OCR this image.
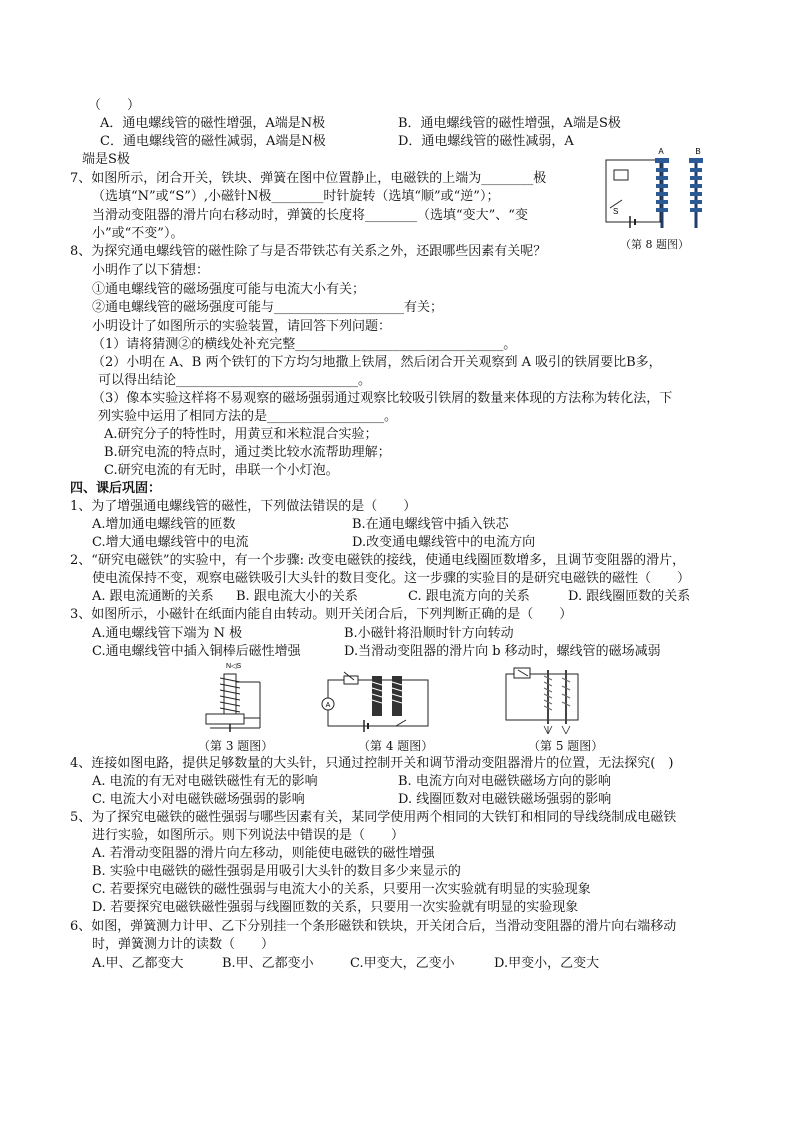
（　　）
A．通电螺线管的磁性增强，A端是N极	B．通电螺线管的磁性增强，A端是S极
C．通电螺线管的磁性减弱，A端是N极	D．通电螺线管的磁性减弱，A
端是S极
7、如图所示，闭合开关，铁块、弹簧在图中位置静止，电磁铁的上端为________极
（选填“N”或“S”）,小磁针N极________时针旋转（选填“顺”或“逆”）；
当滑动变阻器的滑片向右移动时，弹簧的长度将________（选填“变大”、“变
小”或“不变”）。
A	B
S
（第 8 题图）
8、为探究通电螺线管的磁性除了与是否带铁芯有关系之外，还跟哪些因素有关呢？
小明作了以下猜想：
①通电螺线管的磁场强度可能与电流大小有关；
②通电螺线管的磁场强度可能与____________________有关；
小明设计了如图所示的实验装置，请回答下列问题：
（1）请将猜测②的横线处补充完整________________________________。
（2）小明在 A、B 两个铁钉的下方均匀地撒上铁屑，然后闭合开关观察到 A 吸引的铁屑要比B多，
可以得出结论____________________________。
（3）像本实验这样将不易观察的磁场强弱通过观察比较吸引铁屑的数量来体现的方法称为转化法，下
列实验中运用了相同方法的是__________________。
A.研究分子的特性时，用黄豆和米粒混合实验；
B.研究电流的特点时，通过类比较水流帮助理解；
C.研究电流的有无时，串联一个小灯泡。
四、课后巩固：
1、为了增强通电螺线管的磁性，下列做法错误的是（　　）
A.增加通电螺线管的匝数	B.在通电螺线管中插入铁芯
C.增大通电螺线管中的电流	D.改变通电螺线管中的电流方向
2、“研究电磁铁”的实验中，有一个步骤: 改变电磁铁的接线，使通电线圈匝数增多，且调节变阻器的滑片，
使电流保持不变，观察电磁铁吸引大头针的数目变化。这一步骤的实验目的是研究电磁铁的磁性（　　）
A. 跟电流通断的关系 B. 跟电流大小的关系	C. 跟电流方向的关系	D. 跟线圈匝数的关系
3、如图所示，小磁针在纸面内能自由转动。则开关闭合后，下列判断正确的是（　　）
A.通电螺线管下端为 N 极	B.小磁针将沿顺时针方向转动
C.通电螺线管中插入铜棒后磁性增强	D.当滑动变阻器的滑片向 b 移动时，螺线管的磁场减弱
N◁S
（第 3 题图）
A
（第 4 题图）	（第 5 题图）
4、连接如图电路，提供足够数量的大头针，只通过控制开关和调节滑动变阻器滑片的位置，无法探究(　)
A. 电流的有无对电磁铁磁性有无的影响	B. 电流方向对电磁铁磁场方向的影响
C. 电流大小对电磁铁磁场强弱的影响	D. 线圈匝数对电磁铁磁场强弱的影响
5、为了探究电磁铁的磁性强弱与哪些因素有关，某同学使用两个相同的大铁钉和相同的导线绕制成电磁铁
进行实验，如图所示。则下列说法中错误的是（　　）
A. 若滑动变阻器的滑片向左移动，则能使电磁铁的磁性增强
B. 实验中电磁铁的磁性强弱是用吸引大头针的数目多少来显示的
C. 若要探究电磁铁的磁性强弱与电流大小的关系，只要用一次实验就有明显的实验现象
D. 若要探究电磁铁磁性强弱与线圈匝数的关系，只要用一次实验就有明显的实验现象
6、如图，弹簧测力计甲、乙下分别挂一个条形磁铁和铁块，开关闭合后，当滑动变阻器的滑片向右端移动
时，弹簧测力计的读数（　　）
A.甲、乙都变大	B.甲、乙都变小	C.甲变大，乙变小	D.甲变小，乙变大
